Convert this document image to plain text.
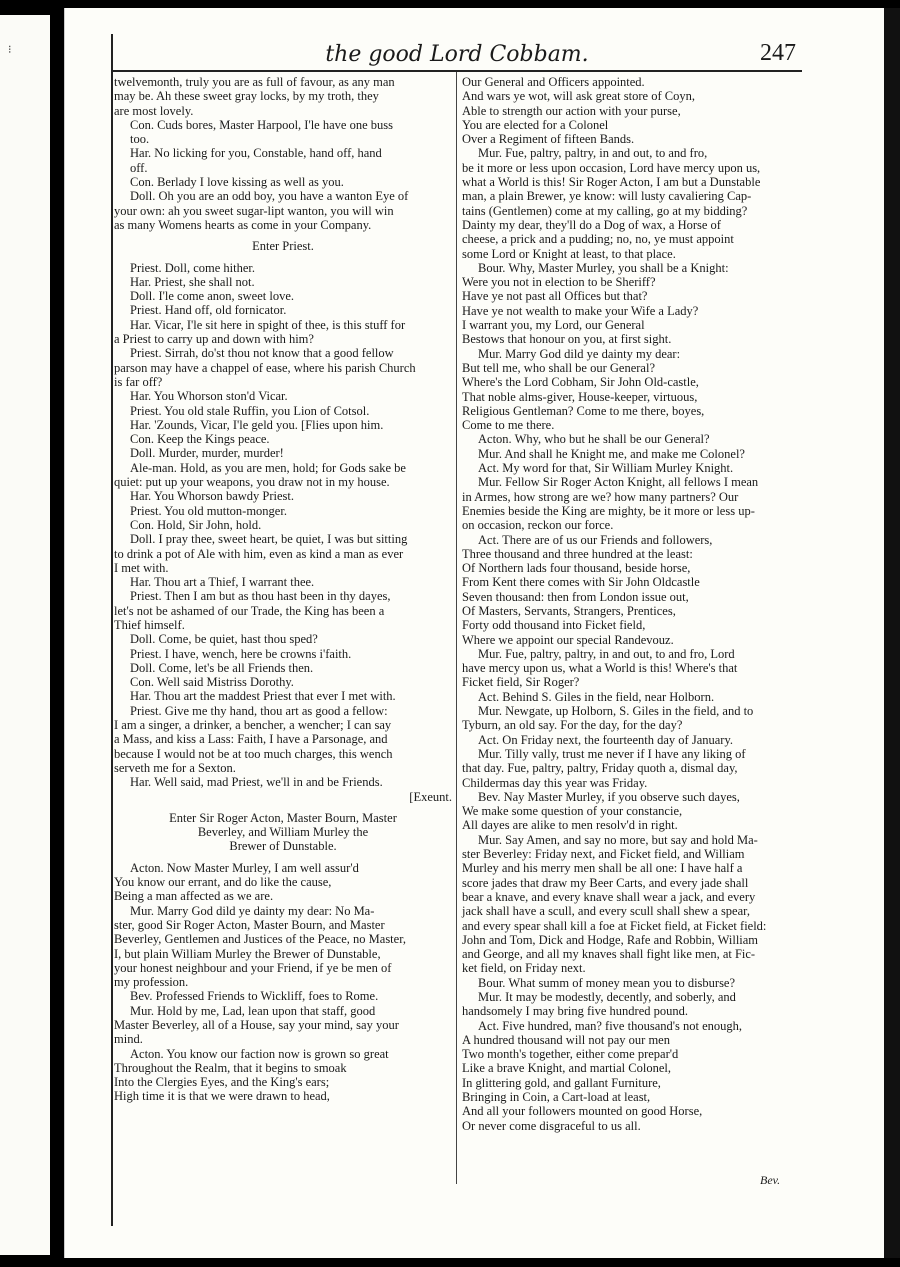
⁝	the good Lord Cobbam.	247

twelvemonth, truly you are as full of favour, as any man

may be. Ah these sweet gray locks, by my troth, they

are most lovely.

Con. Cuds bores, Master Harpool, I'le have one buss

too.

Har. No licking for you, Constable, hand off, hand

off.

Con. Berlady I love kissing as well as you.

Doll. Oh you are an odd boy, you have a wanton Eye of

your own: ah you sweet sugar-lipt wanton, you will win

as many Womens hearts as come in your Company.

Enter Priest.

Priest. Doll, come hither.

Har. Priest, she shall not.

Doll. I'le come anon, sweet love.

Priest. Hand off, old fornicator.

Har. Vicar, I'le sit here in spight of thee, is this stuff for

a Priest to carry up and down with him?

Priest. Sirrah, do'st thou not know that a good fellow

parson may have a chappel of ease, where his parish Church

is far off?

Har. You Whorson ston'd Vicar.

Priest. You old stale Ruffin, you Lion of Cotsol.

Har. 'Zounds, Vicar, I'le geld you. [Flies upon him.

Con. Keep the Kings peace.

Doll. Murder, murder, murder!

Ale-man. Hold, as you are men, hold; for Gods sake be

quiet: put up your weapons, you draw not in my house.

Har. You Whorson bawdy Priest.

Priest. You old mutton-monger.

Con. Hold, Sir John, hold.

Doll. I pray thee, sweet heart, be quiet, I was but sitting

to drink a pot of Ale with him, even as kind a man as ever

I met with.

Har. Thou art a Thief, I warrant thee.

Priest. Then I am but as thou hast been in thy dayes,

let's not be ashamed of our Trade, the King has been a

Thief himself.

Doll. Come, be quiet, hast thou sped?

Priest. I have, wench, here be crowns i'faith.

Doll. Come, let's be all Friends then.

Con. Well said Mistriss Dorothy.

Har. Thou art the maddest Priest that ever I met with.

Priest. Give me thy hand, thou art as good a fellow:

I am a singer, a drinker, a bencher, a wencher; I can say

a Mass, and kiss a Lass: Faith, I have a Parsonage, and

because I would not be at too much charges, this wench

serveth me for a Sexton.

Har. Well said, mad Priest, we'll in and be Friends.

[Exeunt.

Enter Sir Roger Acton, Master Bourn, Master

Beverley, and William Murley the

Brewer of Dunstable.

Acton. Now Master Murley, I am well assur'd

You know our errant, and do like the cause,

Being a man affected as we are.

Mur. Marry God dild ye dainty my dear: No Ma-

ster, good Sir Roger Acton, Master Bourn, and Master

Beverley, Gentlemen and Justices of the Peace, no Master,

I, but plain William Murley the Brewer of Dunstable,

your honest neighbour and your Friend, if ye be men of

my profession.

Bev. Professed Friends to Wickliff, foes to Rome.

Mur. Hold by me, Lad, lean upon that staff, good

Master Beverley, all of a House, say your mind, say your

mind.

Acton. You know our faction now is grown so great

Throughout the Realm, that it begins to smoak

Into the Clergies Eyes, and the King's ears;

High time it is that we were drawn to head,

Our General and Officers appointed.

And wars ye wot, will ask great store of Coyn,

Able to strength our action with your purse,

You are elected for a Colonel

Over a Regiment of fifteen Bands.

Mur. Fue, paltry, paltry, in and out, to and fro,

be it more or less upon occasion, Lord have mercy upon us,

what a World is this! Sir Roger Acton, I am but a Dunstable

man, a plain Brewer, ye know: will lusty cavaliering Cap-

tains (Gentlemen) come at my calling, go at my bidding?

Dainty my dear, they'll do a Dog of wax, a Horse of

cheese, a prick and a pudding; no, no, ye must appoint

some Lord or Knight at least, to that place.

Bour. Why, Master Murley, you shall be a Knight:

Were you not in election to be Sheriff?

Have ye not past all Offices but that?

Have ye not wealth to make your Wife a Lady?

I warrant you, my Lord, our General

Bestows that honour on you, at first sight.

Mur. Marry God dild ye dainty my dear:

But tell me, who shall be our General?

Where's the Lord Cobham, Sir John Old-castle,

That noble alms-giver, House-keeper, virtuous,

Religious Gentleman? Come to me there, boyes,

Come to me there.

Acton. Why, who but he shall be our General?

Mur. And shall he Knight me, and make me Colonel?

Act. My word for that, Sir William Murley Knight.

Mur. Fellow Sir Roger Acton Knight, all fellows I mean

in Armes, how strong are we? how many partners? Our

Enemies beside the King are mighty, be it more or less up-

on occasion, reckon our force.

Act. There are of us our Friends and followers,

Three thousand and three hundred at the least:

Of Northern lads four thousand, beside horse,

From Kent there comes with Sir John Oldcastle

Seven thousand: then from London issue out,

Of Masters, Servants, Strangers, Prentices,

Forty odd thousand into Ficket field,

Where we appoint our special Randevouz.

Mur. Fue, paltry, paltry, in and out, to and fro, Lord

have mercy upon us, what a World is this! Where's that

Ficket field, Sir Roger?

Act. Behind S. Giles in the field, near Holborn.

Mur. Newgate, up Holborn, S. Giles in the field, and to

Tyburn, an old say. For the day, for the day?

Act. On Friday next, the fourteenth day of January.

Mur. Tilly vally, trust me never if I have any liking of

that day. Fue, paltry, paltry, Friday quoth a, dismal day,

Childermas day this year was Friday.

Bev. Nay Master Murley, if you observe such dayes,

We make some question of your constancie,

All dayes are alike to men resolv'd in right.

Mur. Say Amen, and say no more, but say and hold Ma-

ster Beverley: Friday next, and Ficket field, and William

Murley and his merry men shall be all one: I have half a

score jades that draw my Beer Carts, and every jade shall

bear a knave, and every knave shall wear a jack, and every

jack shall have a scull, and every scull shall shew a spear,

and every spear shall kill a foe at Ficket field, at Ficket field:

John and Tom, Dick and Hodge, Rafe and Robbin, William

and George, and all my knaves shall fight like men, at Fic-

ket field, on Friday next.

Bour. What summ of money mean you to disburse?

Mur. It may be modestly, decently, and soberly, and

handsomely I may bring five hundred pound.

Act. Five hundred, man? five thousand's not enough,

A hundred thousand will not pay our men

Two month's together, either come prepar'd

Like a brave Knight, and martial Colonel,

In glittering gold, and gallant Furniture,

Bringing in Coin, a Cart-load at least,

And all your followers mounted on good Horse,

Or never come disgraceful to us all.

Bev.
